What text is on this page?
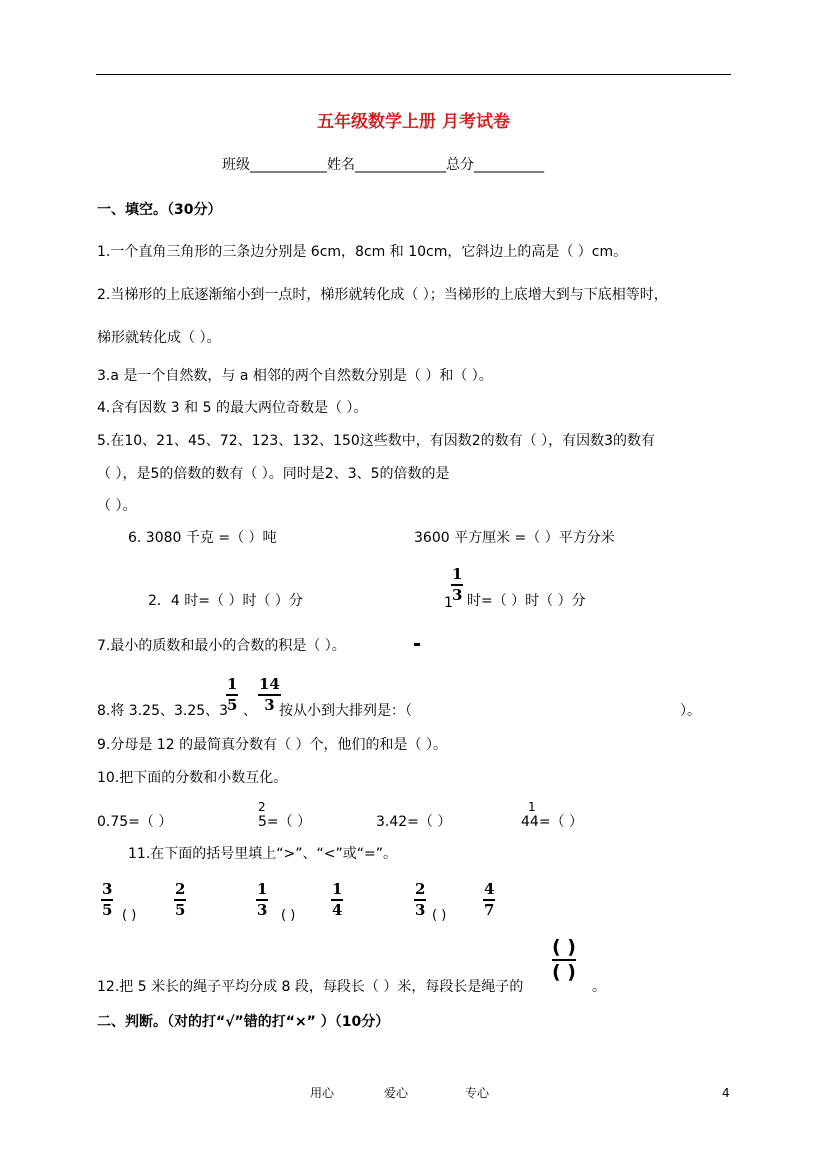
五年级数学上册 月考试卷
班级___________姓名_____________总分__________
一、填空。（30分）
1.一个直角三角形的三条边分别是 6cm，8cm 和 10cm，它斜边上的高是（ ）cm。
2.当梯形的上底逐渐缩小到一点时，梯形就转化成（ ）；当梯形的上底增大到与下底相等时，
梯形就转化成（ ）。
3.a 是一个自然数，与 a 相邻的两个自然数分别是（ ）和（ ）。
4.含有因数 3 和 5 的最大两位奇数是（ ）。
5.在10、21、45、72、123、132、150这些数中，有因数2的数有（ ），有因数3的数有
（ ），是5的倍数的数有（ ）。同时是2、3、5的倍数的是
（ ）。
6. 3080 千克 =（ ）吨	3600 平方厘米 =（ ）平方分米
2．4 时=（ ）时（ ）分	1
$\frac{1}{3}$ 时=（ ）时（ ）分
7.最小的质数和最小的合数的积是（ ）。
8.将 3.25、3.25、3
$\frac{1}{5}$ 、 $\frac{14}{3}$
按从小到大排列是：（	）。
9.分母是 12 的最简真分数有（ ）个，他们的和是（ ）。
10.把下面的分数和小数互化。
0.75=（ ）
2
5=（ ）	3.42=（ ）
1
44=（ ）
11.在下面的括号里填上“>”、“<”或“=”。
$\frac{3}{5}$ ( )	$\frac{2}{5}$	$\frac{1}{3}$ ( ) $\frac{1}{4}$	$\frac{2}{3}$ ( ) $\frac{4}{7}$
12.把 5 米长的绳子平均分成 8 段，每段长（ ）米，每段长是绳子的
( )
( )
。
二、判断。（对的打“√”错的打“×” ）（10分）
用心	爱心	专心	4
